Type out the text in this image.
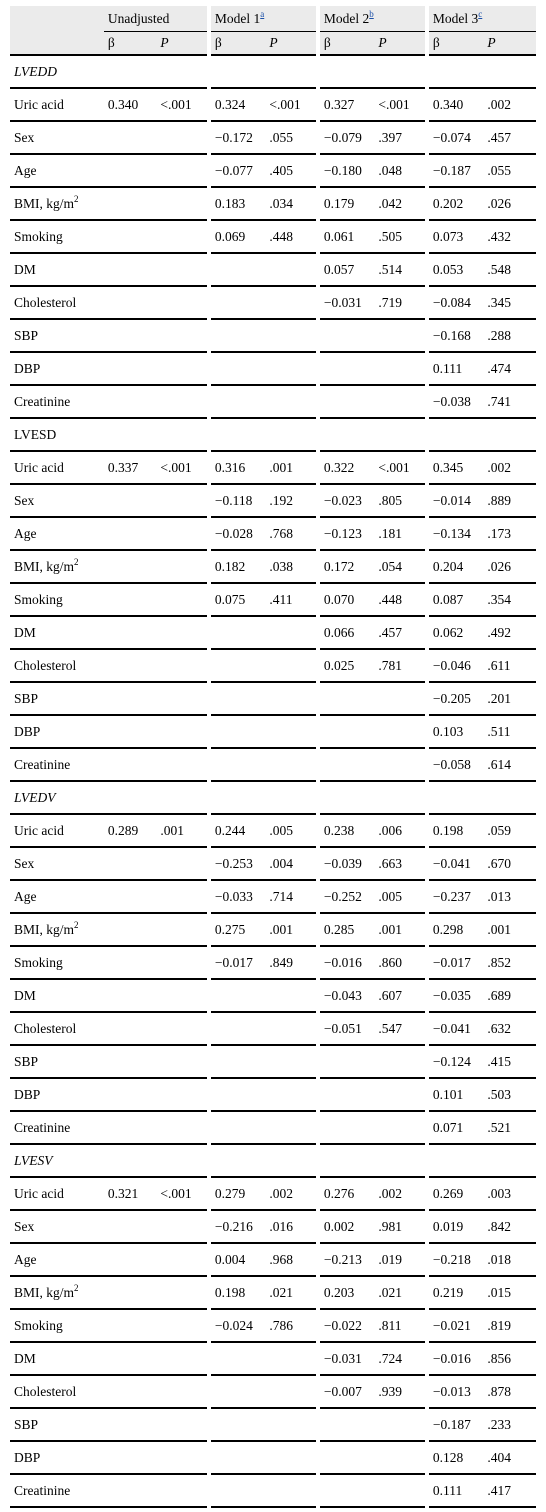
	Unadjusted		Model 1$^a$		Model 2$^b$		Model 3$^c$
	β	P	β	P	β	P	β	P
LVEDD								
Uric acid	0.340	<.001	0.324	<.001	0.327	<.001	0.340	.002
Sex			−0.172	.055	−0.079	.397	−0.074	.457
Age			−0.077	.405	−0.180	.048	−0.187	.055
BMI, $kg/m^2$			0.183	.034	0.179	.042	0.202	.026
Smoking			0.069	.448	0.061	.505	0.073	.432
DM					0.057	.514	0.053	.548
Cholesterol					−0.031	.719	−0.084	.345
SBP							−0.168	.288
DBP							0.111	.474
Creatinine							−0.038	.741
LVESD								
Uric acid	0.337	<.001	0.316	.001	0.322	<.001	0.345	.002
Sex			−0.118	.192	−0.023	.805	−0.014	.889
Age			−0.028	.768	−0.123	.181	−0.134	.173
BMI, $kg/m^2$			0.182	.038	0.172	.054	0.204	.026
Smoking			0.075	.411	0.070	.448	0.087	.354
DM					0.066	.457	0.062	.492
Cholesterol					0.025	.781	−0.046	.611
SBP							−0.205	.201
DBP							0.103	.511
Creatinine							−0.058	.614
LVEDV								
Uric acid	0.289	.001	0.244	.005	0.238	.006	0.198	.059
Sex			−0.253	.004	−0.039	.663	−0.041	.670
Age			−0.033	.714	−0.252	.005	−0.237	.013
BMI, $kg/m^2$			0.275	.001	0.285	.001	0.298	.001
Smoking			−0.017	.849	−0.016	.860	−0.017	.852
DM					−0.043	.607	−0.035	.689
Cholesterol					−0.051	.547	−0.041	.632
SBP							−0.124	.415
DBP							0.101	.503
Creatinine							0.071	.521
LVESV								
Uric acid	0.321	<.001	0.279	.002	0.276	.002	0.269	.003
Sex			−0.216	.016	0.002	.981	0.019	.842
Age			0.004	.968	−0.213	.019	−0.218	.018
BMI, $kg/m^2$			0.198	.021	0.203	.021	0.219	.015
Smoking			−0.024	.786	−0.022	.811	−0.021	.819
DM					−0.031	.724	−0.016	.856
Cholesterol					−0.007	.939	−0.013	.878
SBP							−0.187	.233
DBP							0.128	.404
Creatinine							0.111	.417
